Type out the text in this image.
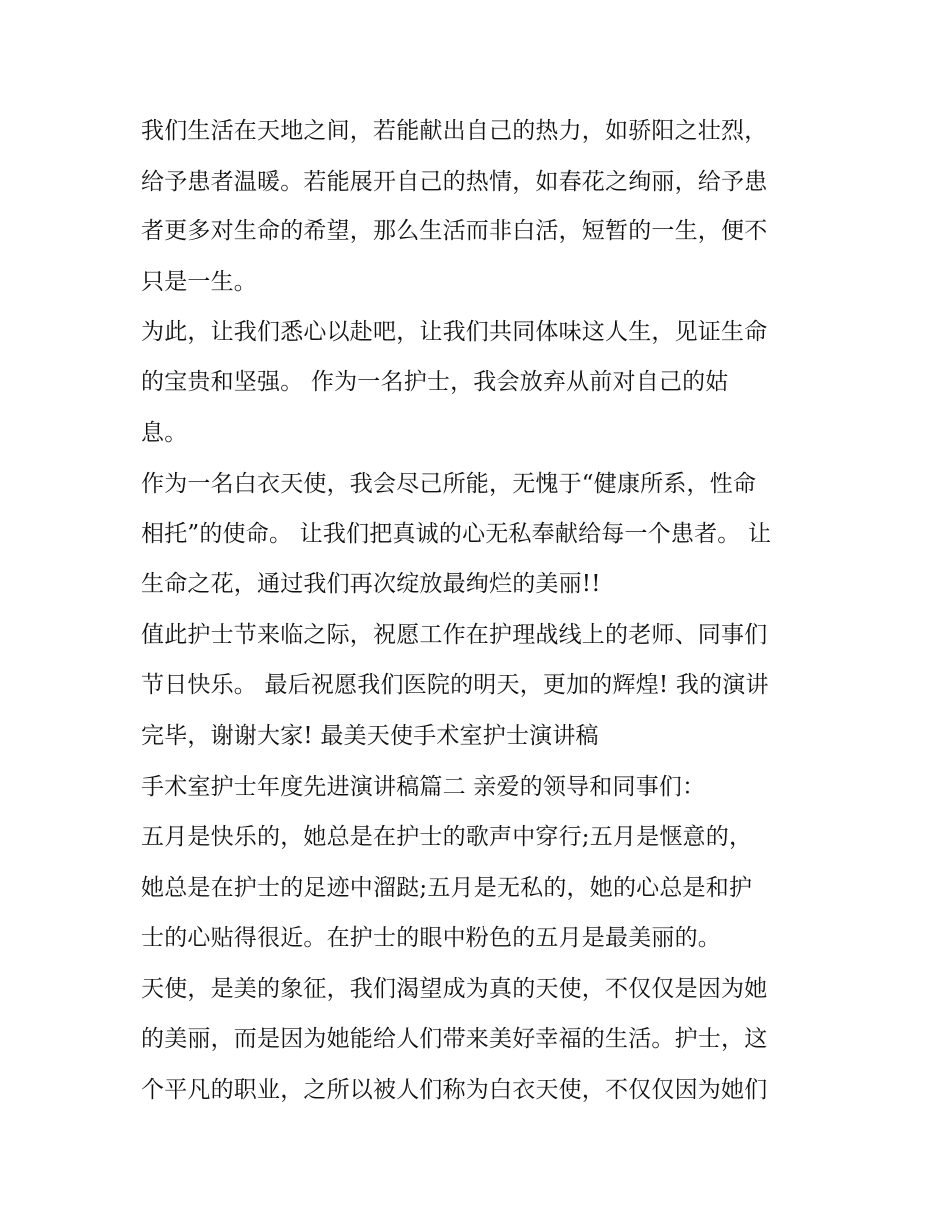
我们生活在天地之间，若能献出自己的热力，如骄阳之壮烈，
给予患者温暖。若能展开自己的热情，如春花之绚丽，给予患
者更多对生命的希望，那么生活而非白活，短暂的一生，便不
只是一生。
为此，让我们悉心以赴吧，让我们共同体味这人生，见证生命
的宝贵和坚强。 作为一名护士，我会放弃从前对自己的姑
息。
作为一名白衣天使，我会尽己所能，无愧于“健康所系，性命
相托”的使命。 让我们把真诚的心无私奉献给每一个患者。 让
生命之花，通过我们再次绽放最绚烂的美丽!!
值此护士节来临之际，祝愿工作在护理战线上的老师、同事们
节日快乐。 最后祝愿我们医院的明天，更加的辉煌! 我的演讲
完毕，谢谢大家! 最美天使手术室护士演讲稿
手术室护士年度先进演讲稿篇二 亲爱的领导和同事们：
五月是快乐的，她总是在护士的歌声中穿行;五月是惬意的，
她总是在护士的足迹中溜跶;五月是无私的，她的心总是和护
士的心贴得很近。在护士的眼中粉色的五月是最美丽的。
天使，是美的象征，我们渴望成为真的天使，不仅仅是因为她
的美丽，而是因为她能给人们带来美好幸福的生活。护士，这
个平凡的职业，之所以被人们称为白衣天使，不仅仅因为她们
